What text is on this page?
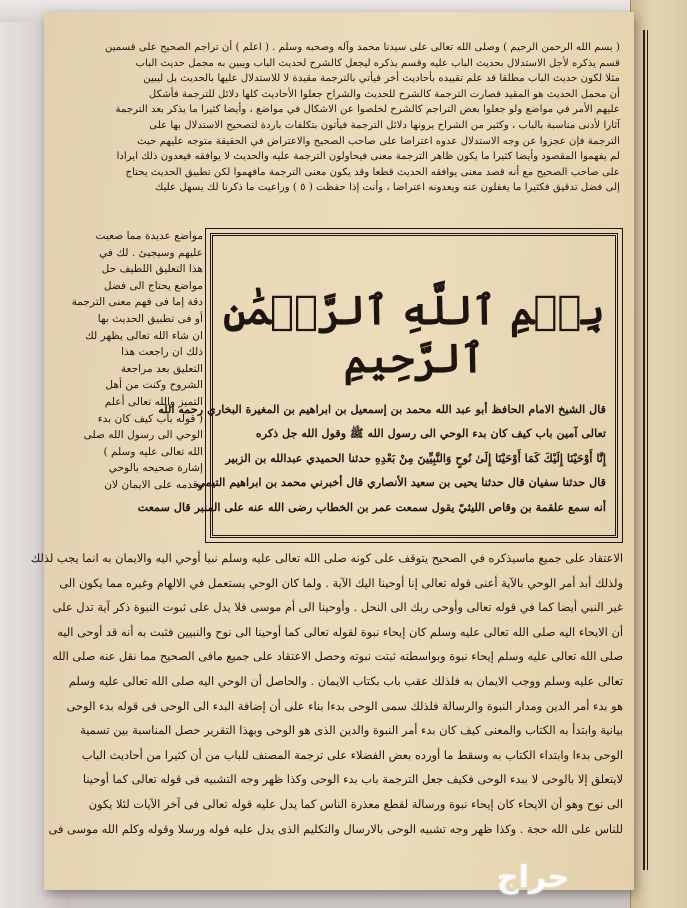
( بسم الله الرحمن الرحيم ) وصلى الله تعالى على سيدنا محمد وآله وصحبه وسلم . ( اعلم ) أن تراجم الصحيح على قسمين
قسم يذكره لأجل الاستدلال بحديث الباب عليه وقسم يذكره ليجعل كالشرح لحديث الباب ويبين به مجمل حديث الباب
مثلا لكون حديث الباب مطلقا قد علم تقييده بأحاديث أخر فيأتي بالترجمة مقيدة لا للاستدلال عليها بالحديث بل ليبين
أن محمل الحديث هو المقيد فصارت الترجمة كالشرح للحديث والشراح جعلوا الأحاديث كلها دلائل للترجمة فأشكل
عليهم الأمر في مواضع ولو جعلوا بعض التراجم كالشرح لخلصوا عن الاشكال في مواضع ، وأيضا كثيرا ما يذكر بعد الترجمة
آثارا لأدنى مناسبة بالباب ، وكثير من الشراح يرونها دلائل الترجمة فيأتون بتكلفات باردة لتصحيح الاستدلال بها على
الترجمة فإن عجزوا عن وجه الاستدلال عدوه اعتراضا على صاحب الصحيح والاعتراض في الحقيقة متوجه عليهم حيث
لم يفهموا المقصود وأيضا كثيرا ما يكون ظاهر الترجمة معنى فيحاولون الترجمة عليه والحديث لا يوافقه فيعدون ذلك ايرادا
على صاحب الصحيح مع أنه قصد معنى يوافقه الحديث قطعا وقد يكون معنى الترجمة مافهموا لكن تطبيق الحديث يحتاج
إلى فضل تدقيق فكثيرا ما يغفلون عنه ويعدونه اعتراضا ، وأنت إذا حفظت ( ٥ ) وراعيت ما ذكرنا لك يسهل عليك
مواضع عديدة مما صعبت
عليهم وسيجيئ . لك في
هذا التعليق اللطيف حل
مواضع يحتاج الى فضل
دقة إما فى فهم معنى الترجمة
أو فى تطبيق الحديث بها
ان شاء الله تعالى يظهر لك
ذلك ان راجعت هذا
التعليق بعد مراجعة
الشروح وكنت من أهل
التميز والله تعالى أعلم
( قوله باب كيف كان بدء
الوحي الى رسول الله صلى
الله تعالى عليه وسلم )
إشارة صحيحه بالوحي
وقدمه على الايمان لان
بِسۡمِ ٱللَّهِ ٱلرَّحۡمَٰنِ ٱلرَّحِيمِ
قال الشيخ الامام الحافظ أبو عبد الله محمد بن إسمعيل بن ابراهيم بن المغيرة البخاري رحمه الله
تعالى آمين باب كيف كان بدء الوحي الى رسول الله ﷺ وقول الله جل ذكره
إِنَّا أَوْحَيْنَا إِلَيْكَ كَمَا أَوْحَيْنَا إِلَىٰ نُوحٍ وَالنَّبِيِّينَ مِنْ بَعْدِهِ حدثنا الحميدي عبدالله بن الزبير
قال حدثنا سفيان قال حدثنا يحيى بن سعيد الأنصاري قال أخبرني محمد بن ابراهيم التيمي
أنه سمع علقمة بن وقاص الليثيّ يقول سمعت عمر بن الخطاب رضى الله عنه على المنبر قال سمعت
الاعتقاد على جميع ماسيذكره في الصحيح يتوقف على كونه صلى الله تعالى عليه وسلم نبيا أوحي اليه والايمان به انما يجب لذلك
ولذلك أبد أمر الوحي بالآية أعنى قوله تعالى إنا أوحينا اليك الآية . ولما كان الوحي يستعمل في الالهام وغيره مما يكون الى
غير النبي أيضا كما في قوله تعالى وأوحى ربك الى النحل . وأوحينا الى أم موسى فلا يدل على ثبوت النبوة ذكر آية تدل على
أن الايحاء اليه صلى الله تعالى عليه وسلم كان إيحاء نبوة لقوله تعالى كما أوحينا الى نوح والنبيين فثبت به أنه قد أوحى اليه
صلى الله تعالى عليه وسلم إيحاء نبوة وبواسطته ثبتت نبوته وحصل الاعتقاد على جميع مافى الصحيح مما نقل عنه صلى الله
تعالى عليه وسلم ووجب الايمان به فلذلك عقب باب بكتاب الايمان . والحاصل أن الوحي اليه صلى الله تعالى عليه وسلم
هو بدء أمر الدين ومدار النبوة والرسالة فلذلك سمى الوحى بدءا بناء على أن إضافة البدء الى الوحى فى قوله بدء الوحى
بيانية وابتدأ به الكتاب والمعنى كيف كان بدء أمر النبوة والدين الذى هو الوحى وبهذا التقرير حصل المناسبة بين تسمية
الوحى بدءا وابتداء الكتاب به وسقط ما أورده بعض الفضلاء على ترجمة المصنف للباب من أن كثيرا من أحاديث الباب
لايتعلق إلا بالوحى لا ببدء الوحى فكيف جعل الترجمة باب بدء الوحى وكذا ظهر وجه التشبيه فى قوله تعالى كما أوحينا
الى نوح وهو أن الايحاء كان إيحاء نبوة ورسالة لقطع معذرة الناس كما يدل عليه قوله تعالى فى آخر الآيات لئلا يكون
للناس على الله حجة . وكذا ظهر وجه تشبيه الوحى بالارسال والتكليم الذى يدل عليه قوله ورسلا وقوله وكلم الله موسى فى
حراج
